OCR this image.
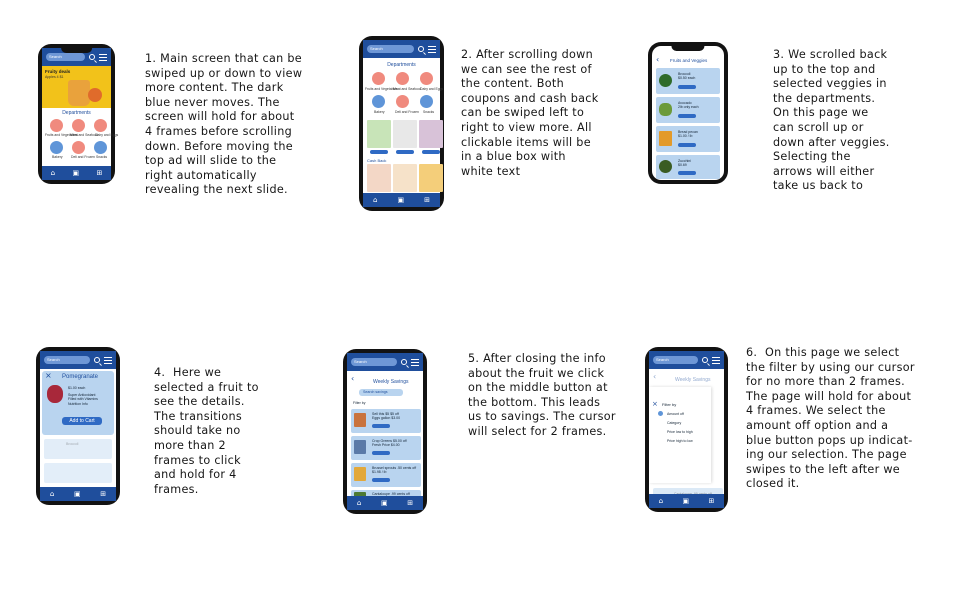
1. Main screen that can be
swiped up or down to view
more content. The dark
blue never moves. The
screen will hold for about
4 frames before scrolling
down. Before moving the
top ad will slide to the
right automatically
revealing the next slide.
2. After scrolling down
we can see the rest of
the content. Both
coupons and cash back
can be swiped left to
right to view more. All
clickable items will be
in a blue box with
white text
3. We scrolled back
up to the top and
selected veggies in
the departments.
On this page we
can scroll up or
down after veggies.
Selecting the
arrows will either
take us back to
4.  Here we
selected a fruit to
see the details.
The transitions
should take no
more than 2
frames to click
and hold for 4
frames.
5. After closing the info
about the fruit we click
on the middle button at
the bottom. This leads
us to savings. The cursor
will select for 2 frames.
6.  On this page we select
the filter by using our cursor
for no more than 2 frames.
The page will hold for about
4 frames. We select the
amount off option and a
blue button pops up indicat-
ing our selection. The page
swipes to the left after we
closed it.
Search
Fruity deals
Apples 4 $1
Departments
Fruits and Vegetables
Meat and Seafood
Dairy and Eggs
Bakery Deli and Frozen Snacks
⌂ ▣ ⊞
Search
Departments
Fruits and Vegetables
Meat and Seafood Dairy and Eggs
Bakery	Deli and Frozen Snacks
Cash Back
⌂	▣	⊞
‹ Fruits and Veggies
Broccoli
$0.50 each
Avocado
2lb only each
Bread pecan
$1.00 / lb
Zucchini
$0.69
Search
× Pomegranate
$1.00 each
Super Antioxidant
Filled with Vitamins
Nutrition Info
Add to Cart
Broccoli
⌂	▣	⊞
Search
‹	Weekly Savings
Search savings
Filter by
Sell this $5 $5 off
Eggs gallon $3.00
Crop Greens $5.00 off
Fresh Price $4.00
Brussel sprouts .50 cents off
$1.98 / lb
Cantaloupe .99 cents off
⌂	▣	⊞
Search
‹	Weekly Savings
× Filter by
Amount off
Category
Price low to high
Price high to low
⌂	▣	⊞
